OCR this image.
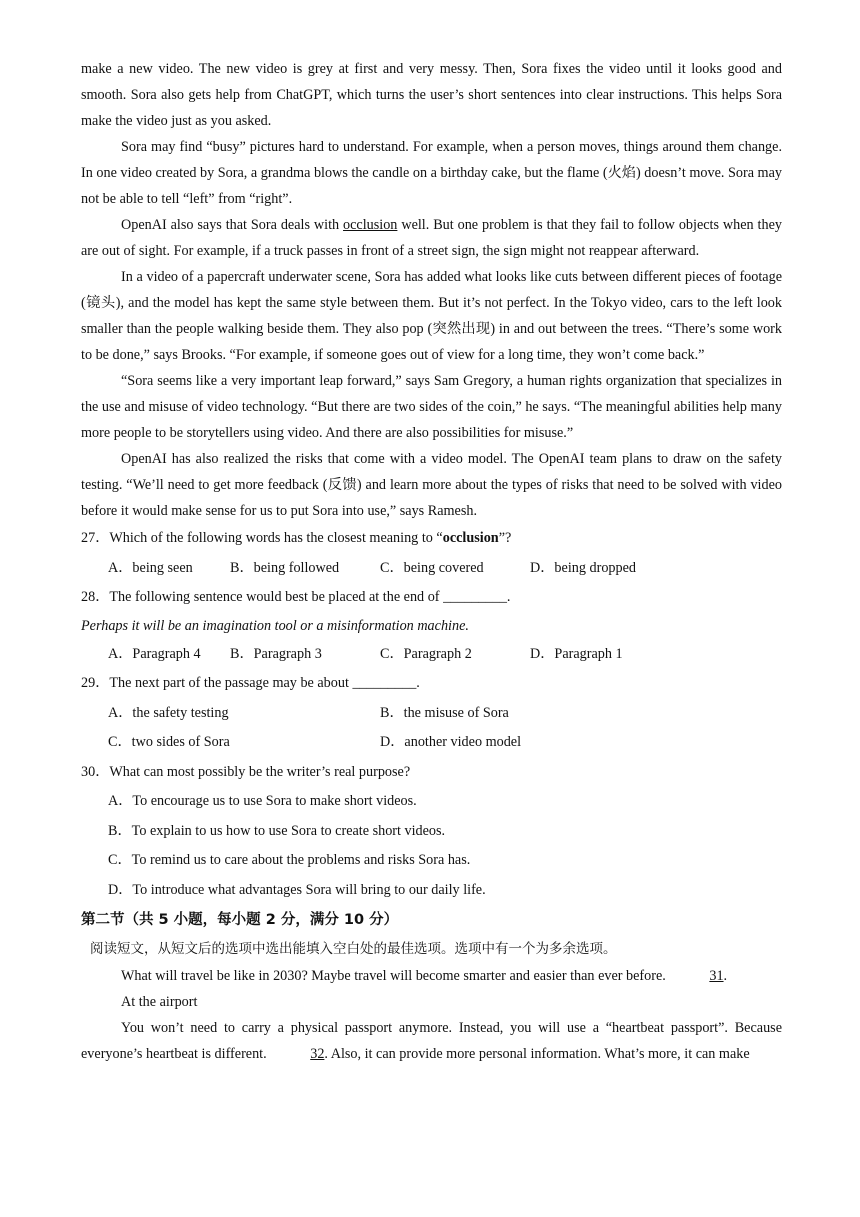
make a new video. The new video is grey at first and very messy. Then, Sora fixes the video until it looks good and smooth. Sora also gets help from ChatGPT, which turns the user’s short sentences into clear instructions. This helps Sora make the video just as you asked.

Sora may find “busy” pictures hard to understand. For example, when a person moves, things around them change. In one video created by Sora, a grandma blows the candle on a birthday cake, but the flame (火焰) doesn’t move. Sora may not be able to tell “left” from “right”.

OpenAI also says that Sora deals with occlusion well. But one problem is that they fail to follow objects when they are out of sight. For example, if a truck passes in front of a street sign, the sign might not reappear afterward.

In a video of a papercraft underwater scene, Sora has added what looks like cuts between different pieces of footage (镜头), and the model has kept the same style between them. But it’s not perfect. In the Tokyo video, cars to the left look smaller than the people walking beside them. They also pop (突然出现) in and out between the trees. “There’s some work to be done,” says Brooks. “For example, if someone goes out of view for a long time, they won’t come back.”

“Sora seems like a very important leap forward,” says Sam Gregory, a human rights organization that specializes in the use and misuse of video technology. “But there are two sides of the coin,” he says. “The meaningful abilities help many more people to be storytellers using video. And there are also possibilities for misuse.”

OpenAI has also realized the risks that come with a video model. The OpenAI team plans to draw on the safety testing. “We’ll need to get more feedback (反馈) and learn more about the types of risks that need to be solved with video before it would make sense for us to put Sora into use,” says Ramesh.

27．Which of the following words has the closest meaning to “occlusion”?

A．being seen	B．being followed	C．being covered	D．being dropped

28．The following sentence would best be placed at the end of _________.

Perhaps it will be an imagination tool or a misinformation machine.

A．Paragraph 4	B．Paragraph 3	C．Paragraph 2	D．Paragraph 1

29．The next part of the passage may be about _________.

A．the safety testing	B．the misuse of Sora
C．two sides of Sora	D．another video model

30．What can most possibly be the writer’s real purpose?

A．To encourage us to use Sora to make short videos.

B．To explain to us how to use Sora to create short videos.

C．To remind us to care about the problems and risks Sora has.

D．To introduce what advantages Sora will bring to our daily life.

第二节（共 5 小题，每小题 2 分，满分 10 分）

阅读短文，从短文后的选项中选出能填入空白处的最佳选项。选项中有一个为多余选项。

What will travel be like in 2030? Maybe travel will become smarter and easier than ever before.	31.

At the airport

You won’t need to carry a physical passport anymore. Instead, you will use a “heartbeat passport”. Because everyone’s heartbeat is different.	32. Also, it can provide more personal information. What’s more, it can make
